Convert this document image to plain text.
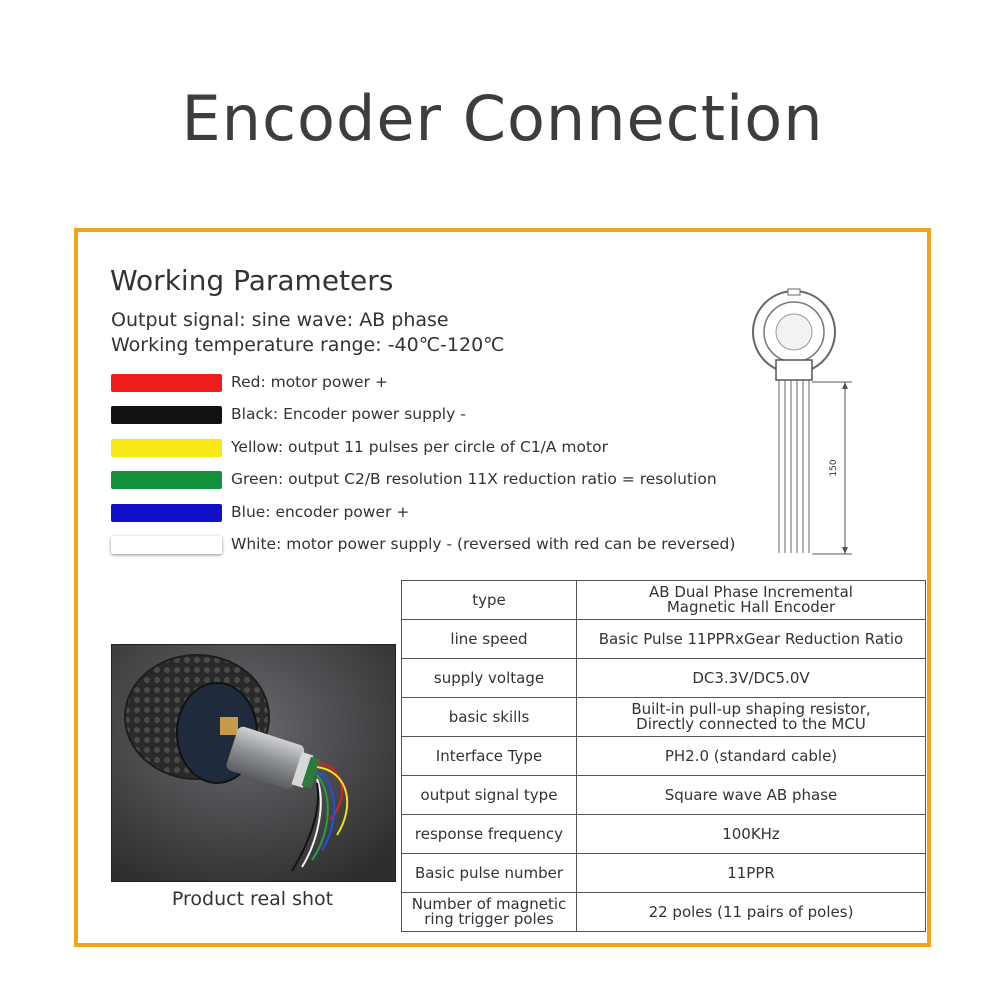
Encoder Connection
Working Parameters
Output signal: sine wave: AB phase
Working temperature range: -40℃-120℃
Red: motor power +
Black: Encoder power supply -
Yellow: output 11 pulses per circle of C1/A motor
Green: output C2/B resolution 11X reduction ratio = resolution
Blue: encoder power +
White: motor power supply - (reversed with red can be reversed)
150
type	AB Dual Phase Incremental
Magnetic Hall Encoder

line speed	Basic Pulse 11PPRxGear Reduction Ratio

supply voltage	DC3.3V/DC5.0V

basic skills	Built-in pull-up shaping resistor,
Directly connected to the MCU

Interface Type	PH2.0 (standard cable)

output signal type	Square wave AB phase

response frequency	100KHz

Basic pulse number	11PPR

Number of magnetic
ring trigger poles	22 poles (11 pairs of poles)
Product real shot
